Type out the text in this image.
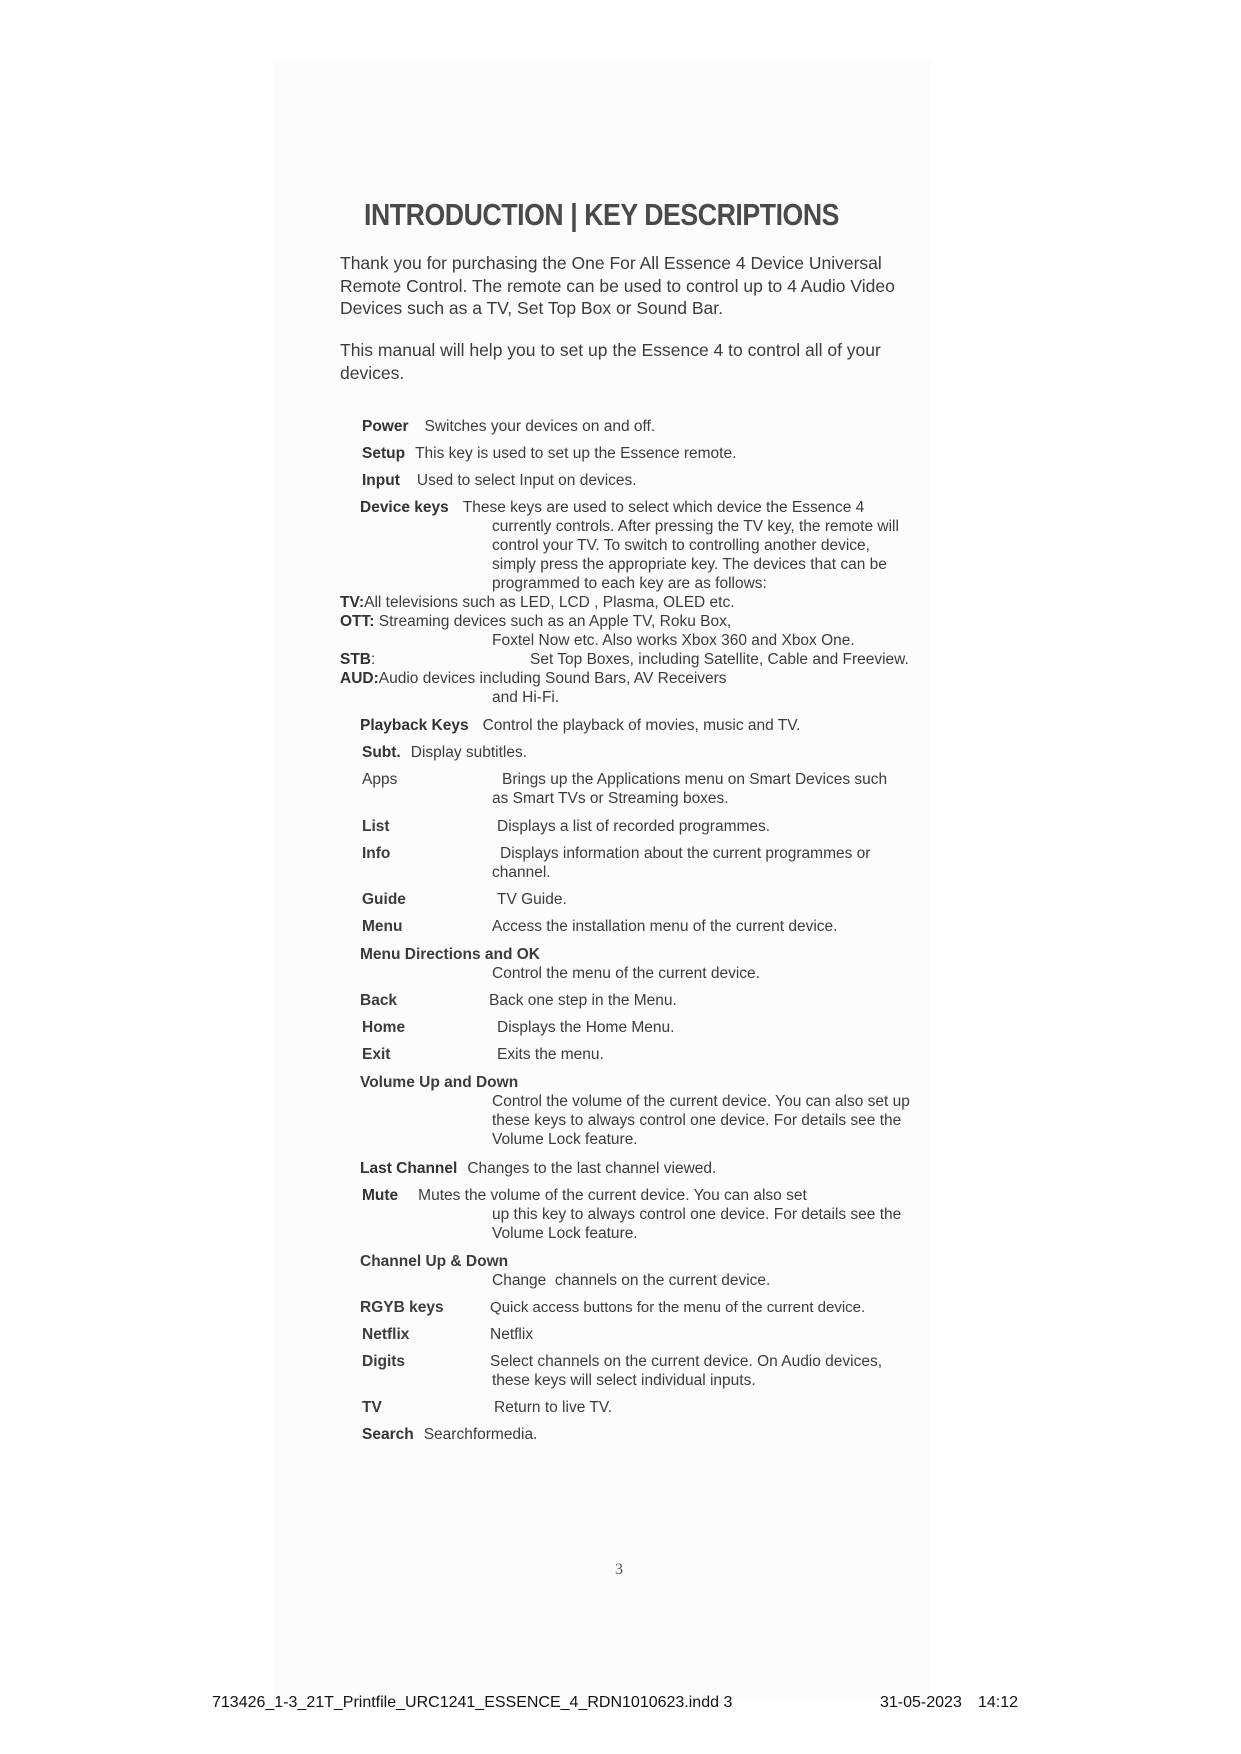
INTRODUCTION | KEY DESCRIPTIONS

Thank you for purchasing the One For All Essence 4 Device Universal Remote Control. The remote can be used to control up to 4 Audio Video Devices such as a TV, Set Top Box or Sound Bar.

This manual will help you to set up the Essence 4 to control all of your devices.

Power Switches your devices on and off.

Setup This key is used to set up the Essence remote.

Input Used to select Input on devices.

Device keys These keys are used to select which device the Essence 4

currently controls. After pressing the TV key, the remote will control your TV. To switch to controlling another device, simply press the appropriate key. The devices that can be programmed to each key are as follows:

TV:All televisions such as LED, LCD , Plasma, OLED etc.

OTT: Streaming devices such as an Apple TV, Roku Box,

Foxtel Now etc. Also works Xbox 360 and Xbox One.

STB:	Set Top Boxes, including Satellite, Cable and Freeview.

AUD:Audio devices including Sound Bars, AV Receivers

and Hi-Fi.

Playback Keys Control the playback of movies, music and TV.

Subt. Display subtitles.

Apps	Brings up the Applications menu on Smart Devices such

as Smart TVs or Streaming boxes.

List	Displays a list of recorded programmes.

Info	Displays information about the current programmes or

channel.

Guide	TV Guide.

Menu	Access the installation menu of the current device.

Menu Directions and OK

Control the menu of the current device.

Back	Back one step in the Menu.

Home	Displays the Home Menu.

Exit	Exits the menu.

Volume Up and Down

Control the volume of the current device. You can also set up these keys to always control one device. For details see the Volume Lock feature.

Last Channel Changes to the last channel viewed.

Mute Mutes the volume of the current device. You can also set

up this key to always control one device. For details see the Volume Lock feature.

Channel Up & Down

Change  channels on the current device.

RGYB keys	Quick access buttons for the menu of the current device.

Netflix	Netflix

Digits	Select channels on the current device. On Audio devices,

these keys will select individual inputs.

TV	Return to live TV.

Search Searchformedia.

3
713426_1-3_21T_Printfile_URC1241_ESSENCE_4_RDN1010623.indd 3	31-05-2023 14:12
